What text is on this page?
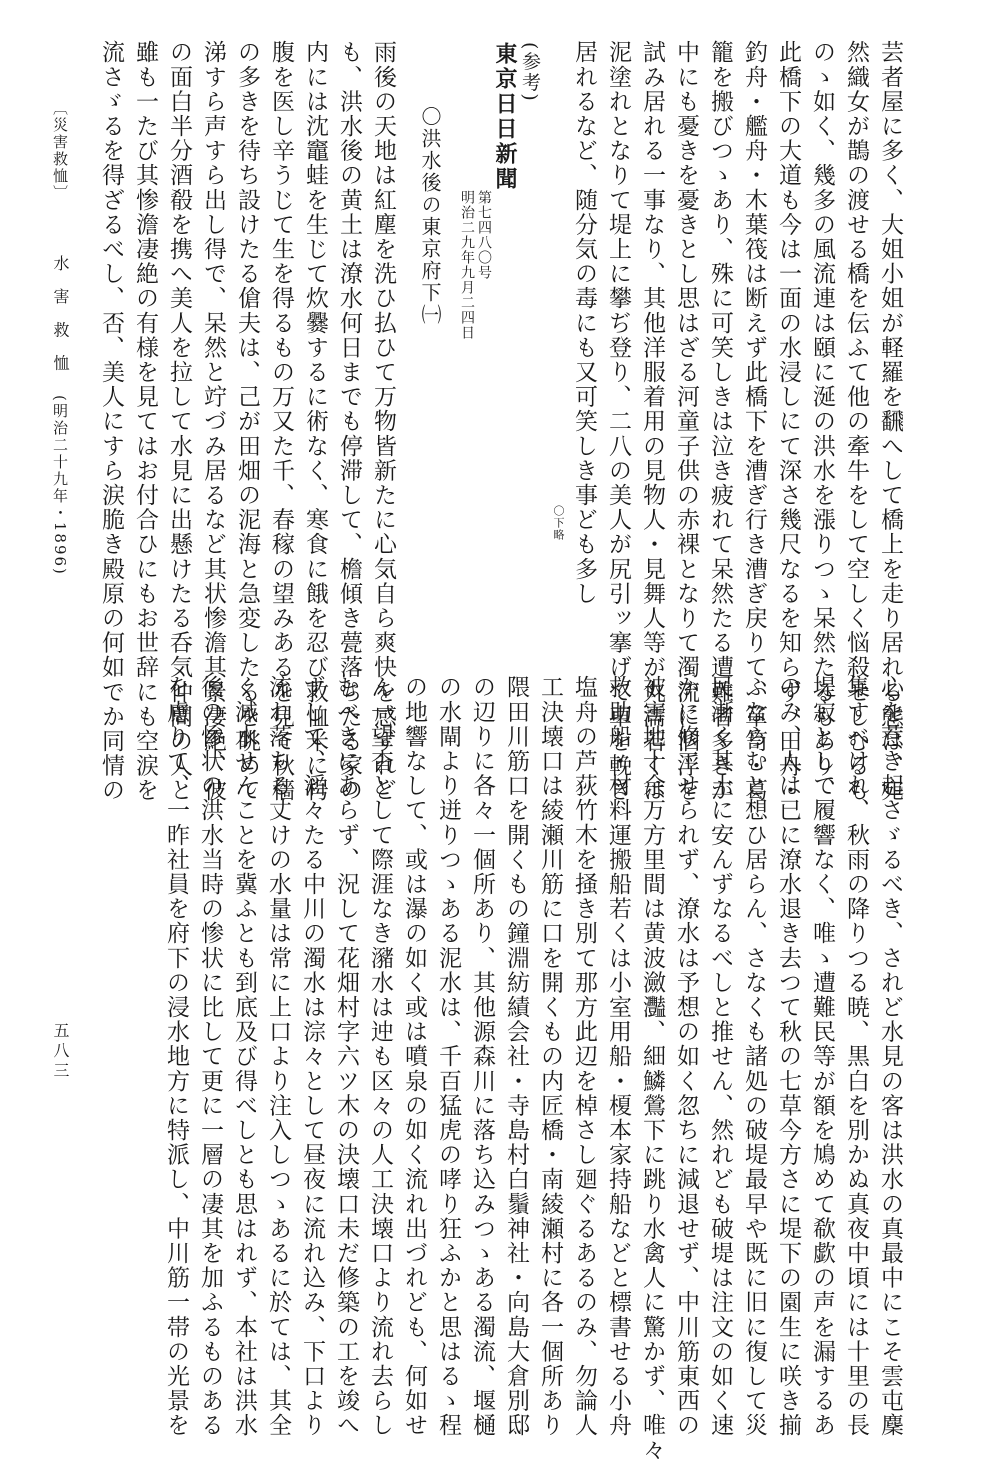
芸者屋に多く、大姐小姐が軽羅を飜へして橋上を走り居れる態は、宛
然織女が鵲の渡せる橋を伝ふて他の牽牛をして空しく悩殺せしむるも
のゝ如く、幾多の風流連は頤に涎の洪水を漲りつゝ呆然たるもあり、
此橋下の大道も今は一面の水浸しにて深さ幾尺なるを知らず、田舟・
釣舟・艦舟・木葉筏は断えず此橋下を漕ぎ行き漕ぎ戻りて、箪笥・葛
籠を搬びつゝあり、殊に可笑しきは泣き疲れて呆然たる遭難者多きが
中にも憂きを憂きとし思はざる河童子供の赤裸となりて濁流に泅浮を
試み居れる一事なり、其他洋服着用の見物人・見舞人等が丸濡若くは
泥塗れとなりて堤上に攀ぢ登り、二八の美人が尻引ッ搴げて車を輓き
居れるなど、随分気の毒にも又可笑しき事ども多し
〇下略
(参考)
東京日日新聞
第七四八〇号
明治二九年九月二四日
〇洪水後の東京府下㈠
雨後の天地は紅塵を洗ひ払ひて万物皆新たに心気自ら爽快を感ずれど
も、洪水後の黄土は潦水何日までも停滞して、檐傾き甍落ちたる家の
内には沈竈蛙を生じて炊爨するに術なく、寒食に餓を忍び救恤米に枵
腹を医し辛うじて生を得るもの万又た千、春稼の望みあるを見て秋穡
の多きを待ち設けたる傖夫は、己が田畑の泥海と急変したるを眺めて
涕すら声すら出し得で、呆然と竚づみ居るなど其状惨澹其景凄絶、彼
の面白半分酒殽を携へ美人を拉して水見に出懸けたる呑気仲間の人と
雖も一たび其惨澹凄絶の有様を見てはお付合ひにもお世辞にも空涙を
流さゞるを得ざるべし、否、美人にすら涙脆き殿原の何如でか同情の
心を惹き起さゞるべき、されど水見の客は洪水の真最中にこそ雲屯麇
集すべけれ、秋雨の降りつる暁、黒白を別かぬ真夜中頃には十里の長
堤寂として履響なく、唯ゝ遭難民等が額を鳩めて欷歔の声を漏するあ
のみ、人は已に潦水退き去つて秋の七草今方さに堤下の園生に咲き揃
ふならむと想ひ居らん、さなくも諸処の破堤最早や既に旧に復して災
民漸く其土に安んずなるべしと推せん、然れども破堤は注文の如く速
かに修工せられず、潦水は予想の如く忽ちに減退せず、中川筋東西の
被害地十余万方里間は黄波瀲灩、細鱗鶯下に跳り水禽人に驚かず、唯々
救助船・材料運搬船若くは小室用船・榎本家持船などと標書せる小舟
塩舟の芦荻竹木を掻き別て那方此辺を棹さし廻ぐるあるのみ、勿論人
工決壊口は綾瀬川筋に口を開くもの内匠橋・南綾瀬村に各一個所あり
隈田川筋口を開くもの鐘淵紡績会社・寺島村白鬚神社・向島大倉別邸
の辺りに各々一個所あり、其他源森川に落ち込みつゝある濁流、堰樋
の水閘より迸りつゝある泥水は、千百猛虎の哮り狂ふかと思はるゝ程
の地響なして、或は瀑の如く或は噴泉の如く流れ出づれども、何如せ
ん一望杳として際涯なき瀦水は迚も区々の人工決壊口より流れ去らし
むべきにあらず、況して花畑村字六ツ木の決壊口未だ修築の工を竣へ
ずして、滔々たる中川の濁水は淙々として昼夜に流れ込み、下口より
流れ落ちる丈けの水量は常に上口より注入しつゝあるに於ては、其全
く減水せんことを冀ふとも到底及び得べしとも思はれず、本社は洪水
後の惨状の洪水当時の惨状に比して更に一層の凄其を加ふるものある
を慮りて、一昨社員を府下の浸水地方に特派し、中川筋一帯の光景を
〔災害救恤〕
水 害 救 恤
(明治二十九年・1896)
五八三
